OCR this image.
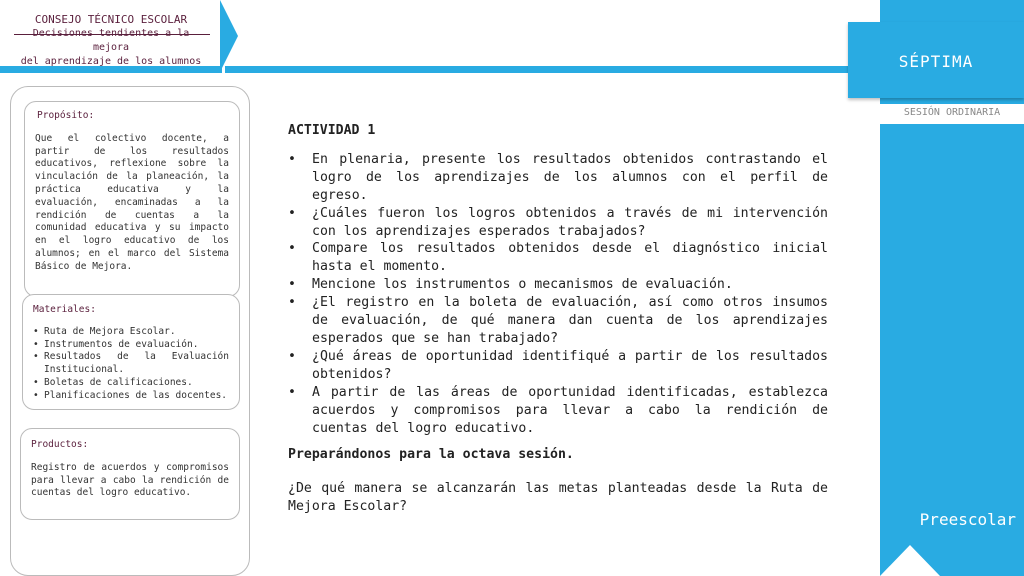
CONSEJO TÉCNICO ESCOLAR
mejora
del aprendizaje de los alumnos	SÉPTIMA
SESIÓN ORDINARIA
Preescolar
Propósito:
Que el colectivo docente, a partir de los resultados educativos, reflexione sobre la vinculación de la planeación, la práctica educativa y la evaluación, encaminadas a la rendición de cuentas a la comunidad educativa y su impacto en el logro educativo de los alumnos; en el marco del Sistema Básico de Mejora.
Materiales:
• Ruta de Mejora Escolar.
• Instrumentos de evaluación.
• Resultados de la Evaluación Institucional.
• Boletas de calificaciones.
• Planificaciones de las docentes.
Productos:
Registro de acuerdos y compromisos para llevar a cabo la rendición de cuentas del logro educativo.
ACTIVIDAD 1
• En plenaria, presente los resultados obtenidos contrastando el logro de los aprendizajes de los alumnos con el perfil de egreso.
• ¿Cuáles fueron los logros obtenidos a través de mi intervención con los aprendizajes esperados trabajados?
• Compare los resultados obtenidos desde el diagnóstico inicial hasta el momento.
• Mencione los instrumentos o mecanismos de evaluación.
• ¿El registro en la boleta de evaluación, así como otros insumos de evaluación, de qué manera dan cuenta de los aprendizajes esperados que se han trabajado?
• ¿Qué áreas de oportunidad identifiqué a partir de los resultados obtenidos?
• A partir de las áreas de oportunidad identificadas, establezca acuerdos y compromisos para llevar a cabo la rendición de cuentas del logro educativo.
Preparándonos para la octava sesión.
¿De qué manera se alcanzarán las metas planteadas desde la Ruta de Mejora Escolar?
